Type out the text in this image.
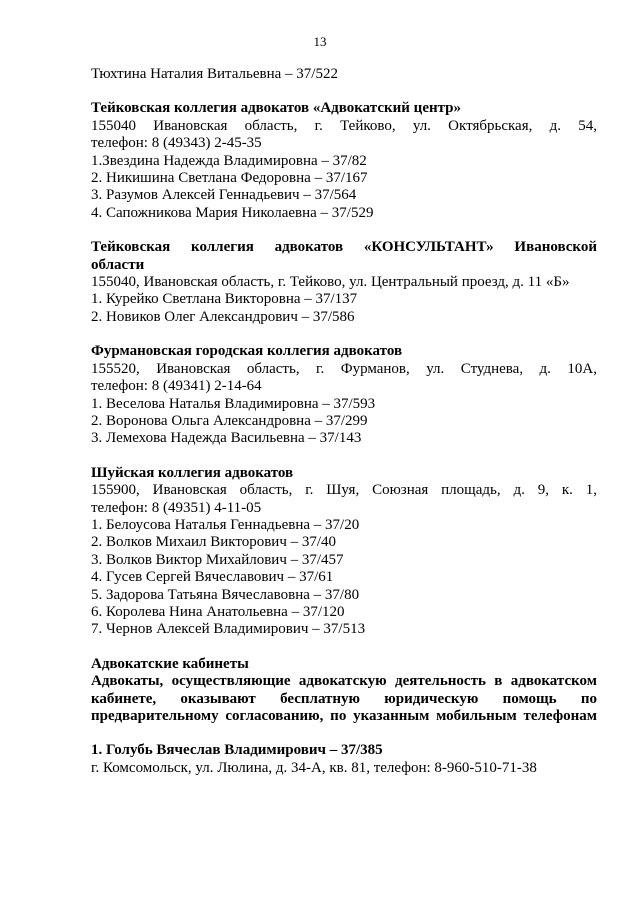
13
Тюхтина Наталия Витальевна – 37/522
Тейковская коллегия адвокатов «Адвокатский центр»
155040 Ивановская область, г. Тейково, ул. Октябрьская, д. 54,
телефон: 8 (49343) 2-45-35
1.Звездина Надежда Владимировна – 37/82
2. Никишина Светлана Федоровна – 37/167
3. Разумов Алексей Геннадьевич – 37/564
4. Сапожникова Мария Николаевна – 37/529
Тейковская коллегия адвокатов «КОНСУЛЬТАНТ» Ивановской
области
155040, Ивановская область, г. Тейково, ул. Центральный проезд, д. 11 «Б»
1. Курейко Светлана Викторовна – 37/137
2. Новиков Олег Александрович – 37/586
Фурмановская городская коллегия адвокатов
155520, Ивановская область, г. Фурманов, ул. Студнева, д. 10А,
телефон: 8 (49341) 2-14-64
1. Веселова Наталья Владимировна – 37/593
2. Воронова Ольга Александровна – 37/299
3. Лемехова Надежда Васильевна – 37/143
Шуйская коллегия адвокатов
155900, Ивановская область, г. Шуя, Союзная площадь, д. 9, к. 1,
телефон: 8 (49351) 4-11-05
1. Белоусова Наталья Геннадьевна – 37/20
2. Волков Михаил Викторович – 37/40
3. Волков Виктор Михайлович – 37/457
4. Гусев Сергей Вячеславович – 37/61
5. Задорова Татьяна Вячеславовна – 37/80
6. Королева Нина Анатольевна – 37/120
7. Чернов Алексей Владимирович – 37/513
Адвокатские кабинеты
Адвокаты, осуществляющие адвокатскую деятельность в адвокатском
кабинете, оказывают бесплатную юридическую помощь по
предварительному согласованию, по указанным мобильным телефонам
1. Голубь Вячеслав Владимирович – 37/385
г. Комсомольск, ул. Люлина, д. 34-А, кв. 81, телефон: 8-960-510-71-38
